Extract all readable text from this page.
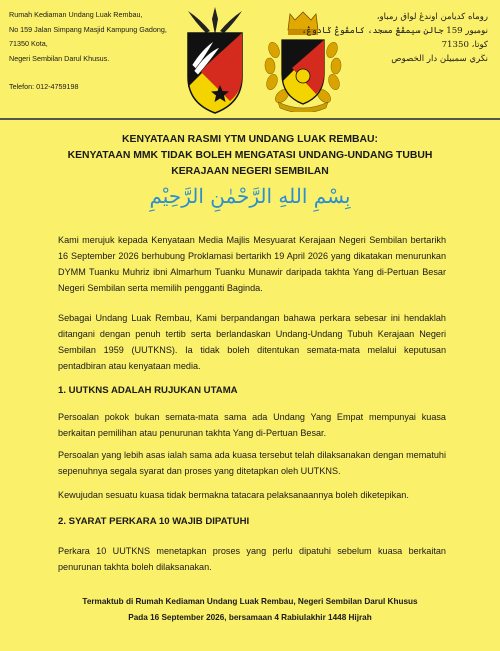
Rumah Kediaman Undang Luak Rembau,
No 159 Jalan Simpang Masjid Kampung Gadong,
71350 Kota,
Negeri Sembilan Darul Khusus.
Telefon: 012-4759198
روماه كديامن اوندڠ لواق رمباو،
نومبور 159 جالن سيمڤڠ مسجد، كامڤوڠ ݢادوڠ،
كوتا، 71350
نڬري سمبيلن دار الخصوص
KENYATAAN RASMI YTM UNDANG LUAK REMBAU:
KENYATAAN MMK TIDAK BOLEH MENGATASI UNDANG-UNDANG TUBUH
KERAJAAN NEGERI SEMBILAN
بِسْمِ اللهِ الرَّحْمٰنِ الرَّحِيْمِ
Kami merujuk kepada Kenyataan Media Majlis Mesyuarat Kerajaan Negeri Sembilan bertarikh 16 September 2026 berhubung Proklamasi bertarikh 19 April 2026 yang dikatakan menurunkan DYMM Tuanku Muhriz ibni Almarhum Tuanku Munawir daripada takhta Yang di-Pertuan Besar Negeri Sembilan serta memilih pengganti Baginda.
Sebagai Undang Luak Rembau, Kami berpandangan bahawa perkara sebesar ini hendaklah ditangani dengan penuh tertib serta berlandaskan Undang-Undang Tubuh Kerajaan Negeri Sembilan 1959 (UUTKNS). Ia tidak boleh ditentukan semata-mata melalui keputusan pentadbiran atau kenyataan media.
1. UUTKNS ADALAH RUJUKAN UTAMA
Persoalan pokok bukan semata-mata sama ada Undang Yang Empat mempunyai kuasa berkaitan pemilihan atau penurunan takhta Yang di-Pertuan Besar.
Persoalan yang lebih asas ialah sama ada kuasa tersebut telah dilaksanakan dengan mematuhi sepenuhnya segala syarat dan proses yang ditetapkan oleh UUTKNS.
Kewujudan sesuatu kuasa tidak bermakna tatacara pelaksanaannya boleh diketepikan.
2. SYARAT PERKARA 10 WAJIB DIPATUHI
Perkara 10 UUTKNS menetapkan proses yang perlu dipatuhi sebelum kuasa berkaitan penurunan takhta boleh dilaksanakan.
Termaktub di Rumah Kediaman Undang Luak Rembau, Negeri Sembilan Darul Khusus
Pada 16 September 2026, bersamaan 4 Rabiulakhir 1448 Hijrah
